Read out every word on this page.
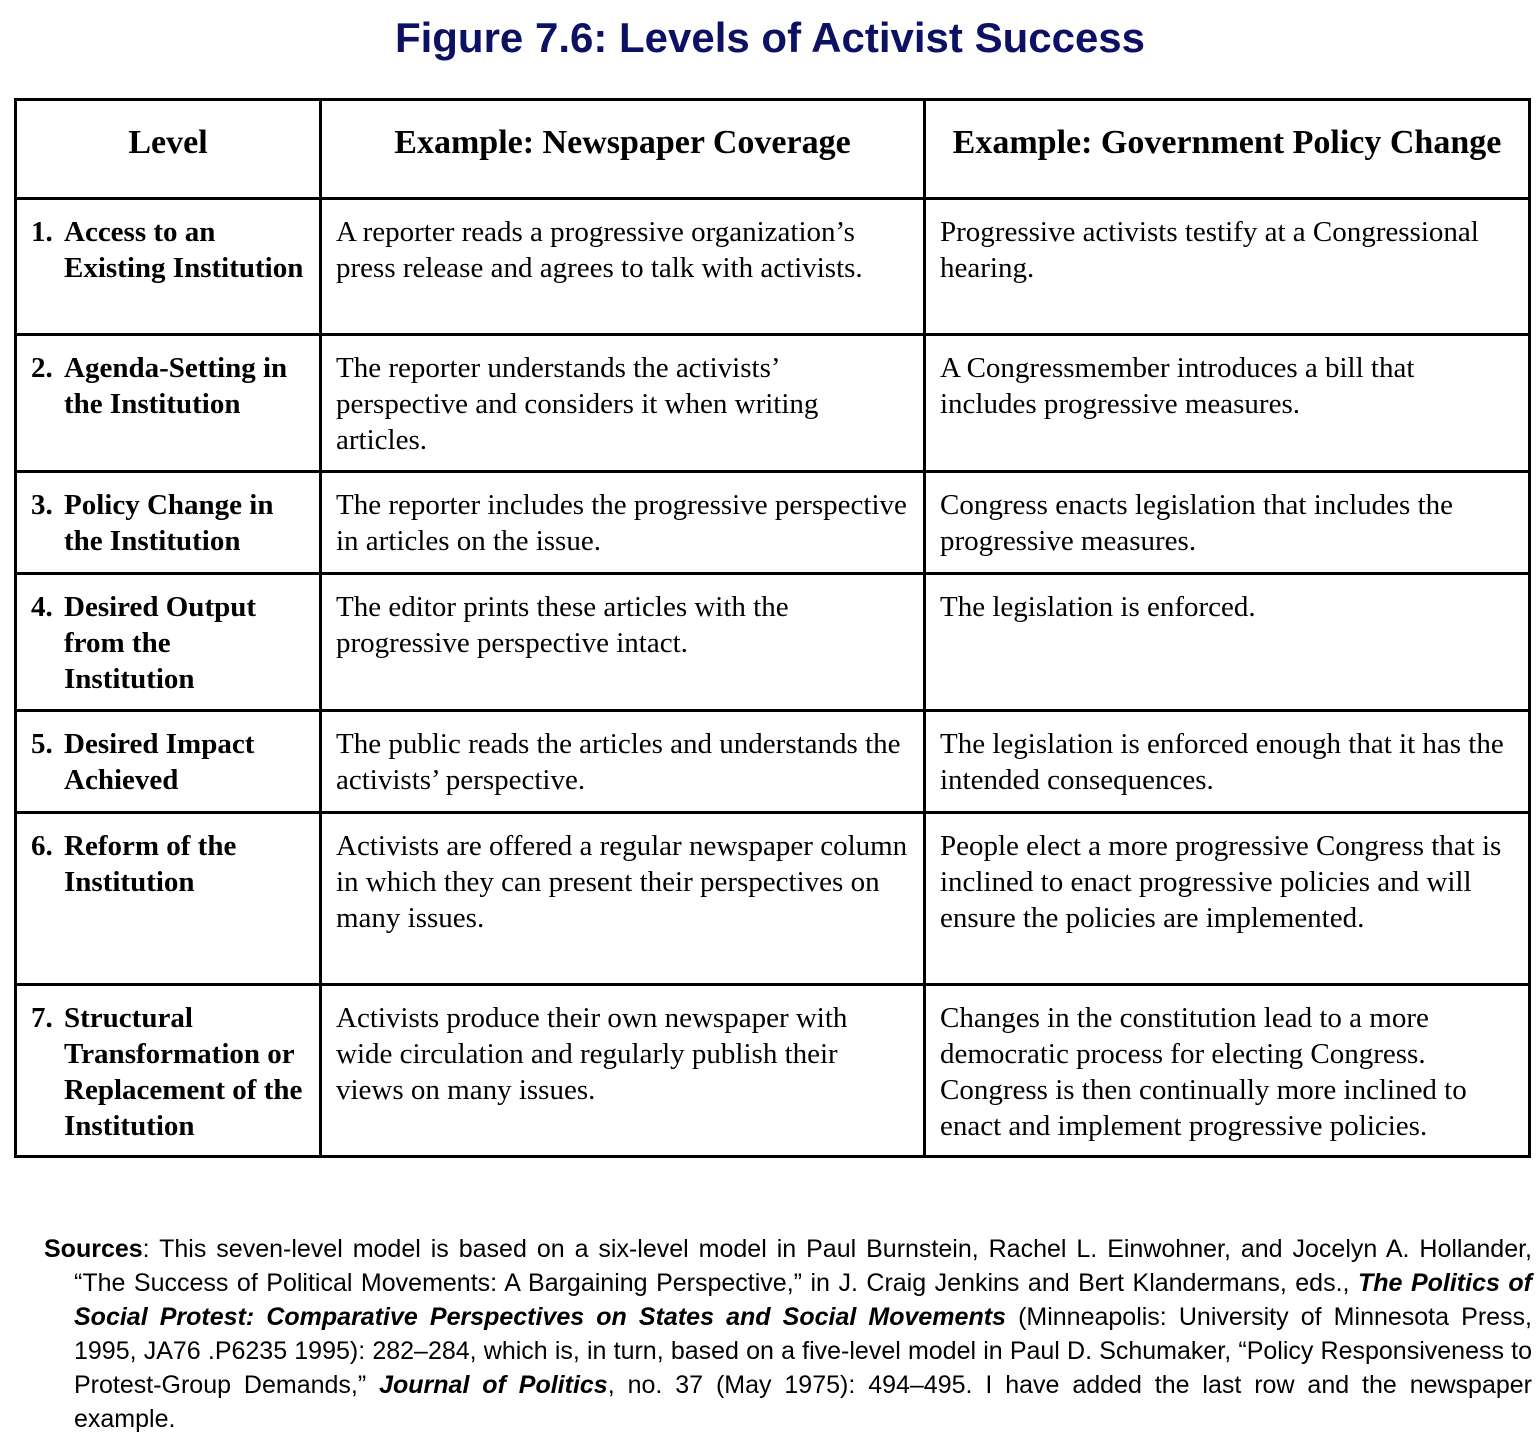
Figure 7.6: Levels of Activist Success
Level	Example: Newspaper Coverage	Example: Government Policy Change

1. Access to an Existing Institution	A reporter reads a progressive organization’s press release and agrees to talk with activists.	Progressive activists testify at a Congressional hearing.

2. Agenda-Setting in the Institution	The reporter understands the activists’ perspective and considers it when writing articles.	A Congressmember introduces a bill that includes progressive measures.

3. Policy Change in the Institution	The reporter includes the progressive perspective in articles on the issue.	Congress enacts legislation that includes the progressive measures.

4. Desired Output from the Institution	The editor prints these articles with the progressive perspective intact.	The legislation is enforced.

5. Desired Impact Achieved	The public reads the articles and understands the activists’ perspective.	The legislation is enforced enough that it has the intended consequences.

6. Reform of the Institution	Activists are offered a regular newspaper column in which they can present their perspectives on many issues.	People elect a more progressive Congress that is inclined to enact progressive policies and will ensure the policies are implemented.

7. Structural Transformation or Replacement of the Institution	Activists produce their own newspaper with wide circulation and regularly publish their views on many issues.	Changes in the constitution lead to a more democratic process for electing Congress. Congress is then continually more inclined to enact and implement progressive policies.
Sources: This seven-level model is based on a six-level model in Paul Burnstein, Rachel L. Einwohner, and Jocelyn A. Hollander, “The Success of Political Movements: A Bargaining Perspective,” in J. Craig Jenkins and Bert Klandermans, eds., The Politics of Social Protest: Comparative Perspectives on States and Social Movements (Minneapolis: University of Minnesota Press, 1995, JA76 .P6235 1995): 282–284, which is, in turn, based on a five-level model in Paul D. Schumaker, “Policy Responsiveness to Protest-Group Demands,” Journal of Politics, no. 37 (May 1975): 494–495. I have added the last row and the newspaper example.
